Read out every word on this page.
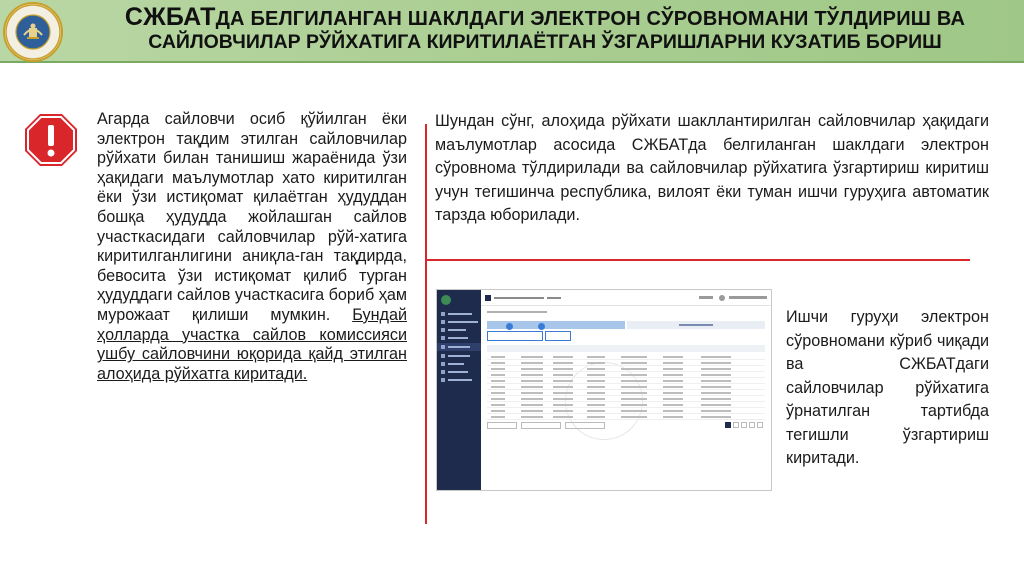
СЖБАТДА БЕЛГИЛАНГАН ШАКЛДАГИ ЭЛЕКТРОН СЎРОВНОМАНИ ТЎЛДИРИШ ВА
САЙЛОВЧИЛАР РЎЙХАТИГА КИРИТИЛАЁТГАН ЎЗГАРИШЛАРНИ КУЗАТИБ БОРИШ
Агарда сайловчи осиб қўйилган ёки электрон тақдим этилган сайловчилар рўйхати билан танишиш жараёнида ўзи ҳақидаги маълумотлар хато киритилган ёки ўзи истиқомат қилаётган ҳудуддан бошқа ҳудудда жойлашган сайлов участкасидаги сайловчилар рўй-хатига киритилганлигини аниқла-ган тақдирда, бевосита ўзи истиқомат қилиб турган ҳудуддаги сайлов участкасига бориб ҳам мурожаат қилиши мумкин. Бундай ҳолларда участка сайлов комиссияси ушбу сайловчини юқорида қайд этилган алоҳида рўйхатга киритади.
Шундан сўнг, алоҳида рўйхати шакллантирилган сайловчилар ҳақидаги маълумотлар асосида СЖБАТда белгиланган шаклдаги электрон сўровнома тўлдирилади ва сайловчилар рўйхатига ўзгартириш киритиш учун тегишинча республика, вилоят ёки туман ишчи гуруҳига автоматик тарзда юборилади.
Ишчи гуруҳи электрон сўровномани кўриб чиқади ва СЖБАТдаги сайловчилар рўйхатига ўрнатилган тартибда тегишли ўзгартириш киритади.
